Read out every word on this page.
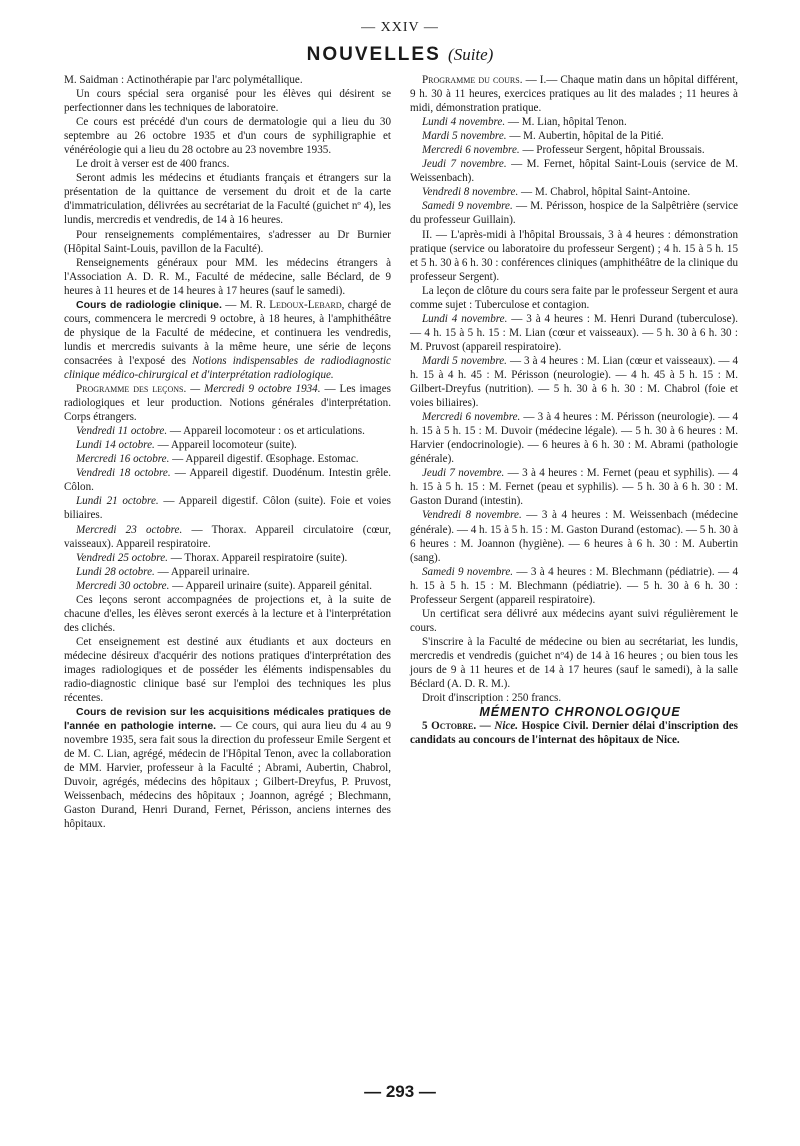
— XXIV —
NOUVELLES (Suite)

M. Saidman : Actinothérapie par l'arc polymétallique.

Un cours spécial sera organisé pour les élèves qui désirent se perfectionner dans les techniques de laboratoire.

Ce cours est précédé d'un cours de dermatologie qui a lieu du 30 septembre au 26 octobre 1935 et d'un cours de syphiligraphie et vénéréologie qui a lieu du 28 octobre au 23 novembre 1935.

Le droit à verser est de 400 francs.

Seront admis les médecins et étudiants français et étrangers sur la présentation de la quittance de versement du droit et de la carte d'immatriculation, délivrées au secrétariat de la Faculté (guichet nº 4), les lundis, mercredis et vendredis, de 14 à 16 heures.

Pour renseignements complémentaires, s'adresser au Dr Burnier (Hôpital Saint-Louis, pavillon de la Faculté).

Renseignements généraux pour MM. les médecins étrangers à l'Association A. D. R. M., Faculté de médecine, salle Béclard, de 9 heures à 11 heures et de 14 heures à 17 heures (sauf le samedi).

Cours de radiologie clinique. — M. R. Ledoux-Lebard, chargé de cours, commencera le mercredi 9 octobre, à 18 heures, à l'amphithéâtre de physique de la Faculté de médecine, et continuera les vendredis, lundis et mercredis suivants à la même heure, une série de leçons consacrées à l'exposé des Notions indispensables de radiodiagnostic clinique médico-chirurgical et d'interprétation radiologique.

Programme des leçons. — Mercredi 9 octobre 1934. — Les images radiologiques et leur production. Notions générales d'interprétation. Corps étrangers.

Vendredi 11 octobre. — Appareil locomoteur : os et articulations.

Lundi 14 octobre. — Appareil locomoteur (suite).

Mercredi 16 octobre. — Appareil digestif. Œsophage. Estomac.

Vendredi 18 octobre. — Appareil digestif. Duodénum. Intestin grêle. Côlon.

Lundi 21 octobre. — Appareil digestif. Côlon (suite). Foie et voies biliaires.

Mercredi 23 octobre. — Thorax. Appareil circulatoire (cœur, vaisseaux). Appareil respiratoire.

Vendredi 25 octobre. — Thorax. Appareil respiratoire (suite).

Lundi 28 octobre. — Appareil urinaire.

Mercredi 30 octobre. — Appareil urinaire (suite). Appareil génital.

Ces leçons seront accompagnées de projections et, à la suite de chacune d'elles, les élèves seront exercés à la lecture et à l'interprétation des clichés.

Cet enseignement est destiné aux étudiants et aux docteurs en médecine désireux d'acquérir des notions pratiques d'interprétation des images radiologiques et de posséder les éléments indispensables du radio-diagnostic clinique basé sur l'emploi des techniques les plus récentes.

Cours de revision sur les acquisitions médicales pratiques de l'année en pathologie interne. — Ce cours, qui aura lieu du 4 au 9 novembre 1935, sera fait sous la direction du professeur Emile Sergent et de M. C. Lian, agrégé, médecin de l'Hôpital Tenon, avec la collaboration de MM. Harvier, professeur à la Faculté ; Abrami, Aubertin, Chabrol, Duvoir, agrégés, médecins des hôpitaux ; Gilbert-Dreyfus, P. Pruvost, Weissenbach, médecins des hôpitaux ; Joannon, agrégé ; Blechmann, Gaston Durand, Henri Durand, Fernet, Périsson, anciens internes des hôpitaux.

Programme du cours. — I.— Chaque matin dans un hôpital différent, 9 h. 30 à 11 heures, exercices pratiques au lit des malades ; 11 heures à midi, démonstration pratique.

Lundi 4 novembre. — M. Lian, hôpital Tenon.

Mardi 5 novembre. — M. Aubertin, hôpital de la Pitié.

Mercredi 6 novembre. — Professeur Sergent, hôpital Broussais.

Jeudi 7 novembre. — M. Fernet, hôpital Saint-Louis (service de M. Weissenbach).

Vendredi 8 novembre. — M. Chabrol, hôpital Saint-Antoine.

Samedi 9 novembre. — M. Périsson, hospice de la Salpêtrière (service du professeur Guillain).

II. — L'après-midi à l'hôpital Broussais, 3 à 4 heures : démonstration pratique (service ou laboratoire du professeur Sergent) ; 4 h. 15 à 5 h. 15 et 5 h. 30 à 6 h. 30 : conférences cliniques (amphithéâtre de la clinique du professeur Sergent).

La leçon de clôture du cours sera faite par le professeur Sergent et aura comme sujet : Tuberculose et contagion.

Lundi 4 novembre. — 3 à 4 heures : M. Henri Durand (tuberculose). — 4 h. 15 à 5 h. 15 : M. Lian (cœur et vaisseaux). — 5 h. 30 à 6 h. 30 : M. Pruvost (appareil respiratoire).

Mardi 5 novembre. — 3 à 4 heures : M. Lian (cœur et vaisseaux). — 4 h. 15 à 4 h. 45 : M. Périsson (neurologie). — 4 h. 45 à 5 h. 15 : M. Gilbert-Dreyfus (nutrition). — 5 h. 30 à 6 h. 30 : M. Chabrol (foie et voies biliaires).

Mercredi 6 novembre. — 3 à 4 heures : M. Périsson (neurologie). — 4 h. 15 à 5 h. 15 : M. Duvoir (médecine légale). — 5 h. 30 à 6 heures : M. Harvier (endocrinologie). — 6 heures à 6 h. 30 : M. Abrami (pathologie générale).

Jeudi 7 novembre. — 3 à 4 heures : M. Fernet (peau et syphilis). — 4 h. 15 à 5 h. 15 : M. Fernet (peau et syphilis). — 5 h. 30 à 6 h. 30 : M. Gaston Durand (intestin).

Vendredi 8 novembre. — 3 à 4 heures : M. Weissenbach (médecine générale). — 4 h. 15 à 5 h. 15 : M. Gaston Durand (estomac). — 5 h. 30 à 6 heures : M. Joannon (hygiène). — 6 heures à 6 h. 30 : M. Aubertin (sang).

Samedi 9 novembre. — 3 à 4 heures : M. Blechmann (pédiatrie). — 4 h. 15 à 5 h. 15 : M. Blechmann (pédiatrie). — 5 h. 30 à 6 h. 30 : Professeur Sergent (appareil respiratoire).

Un certificat sera délivré aux médecins ayant suivi régulièrement le cours.

S'inscrire à la Faculté de médecine ou bien au secrétariat, les lundis, mercredis et vendredis (guichet nº4) de 14 à 16 heures ; ou bien tous les jours de 9 à 11 heures et de 14 à 17 heures (sauf le samedi), à la salle Béclard (A. D. R. M.).

Droit d'inscription : 250 francs.

MÉMENTO CHRONOLOGIQUE

5 Octobre. — Nice. Hospice Civil. Dernier délai d'inscription des candidats au concours de l'internat des hôpitaux de Nice.

— 293 —
